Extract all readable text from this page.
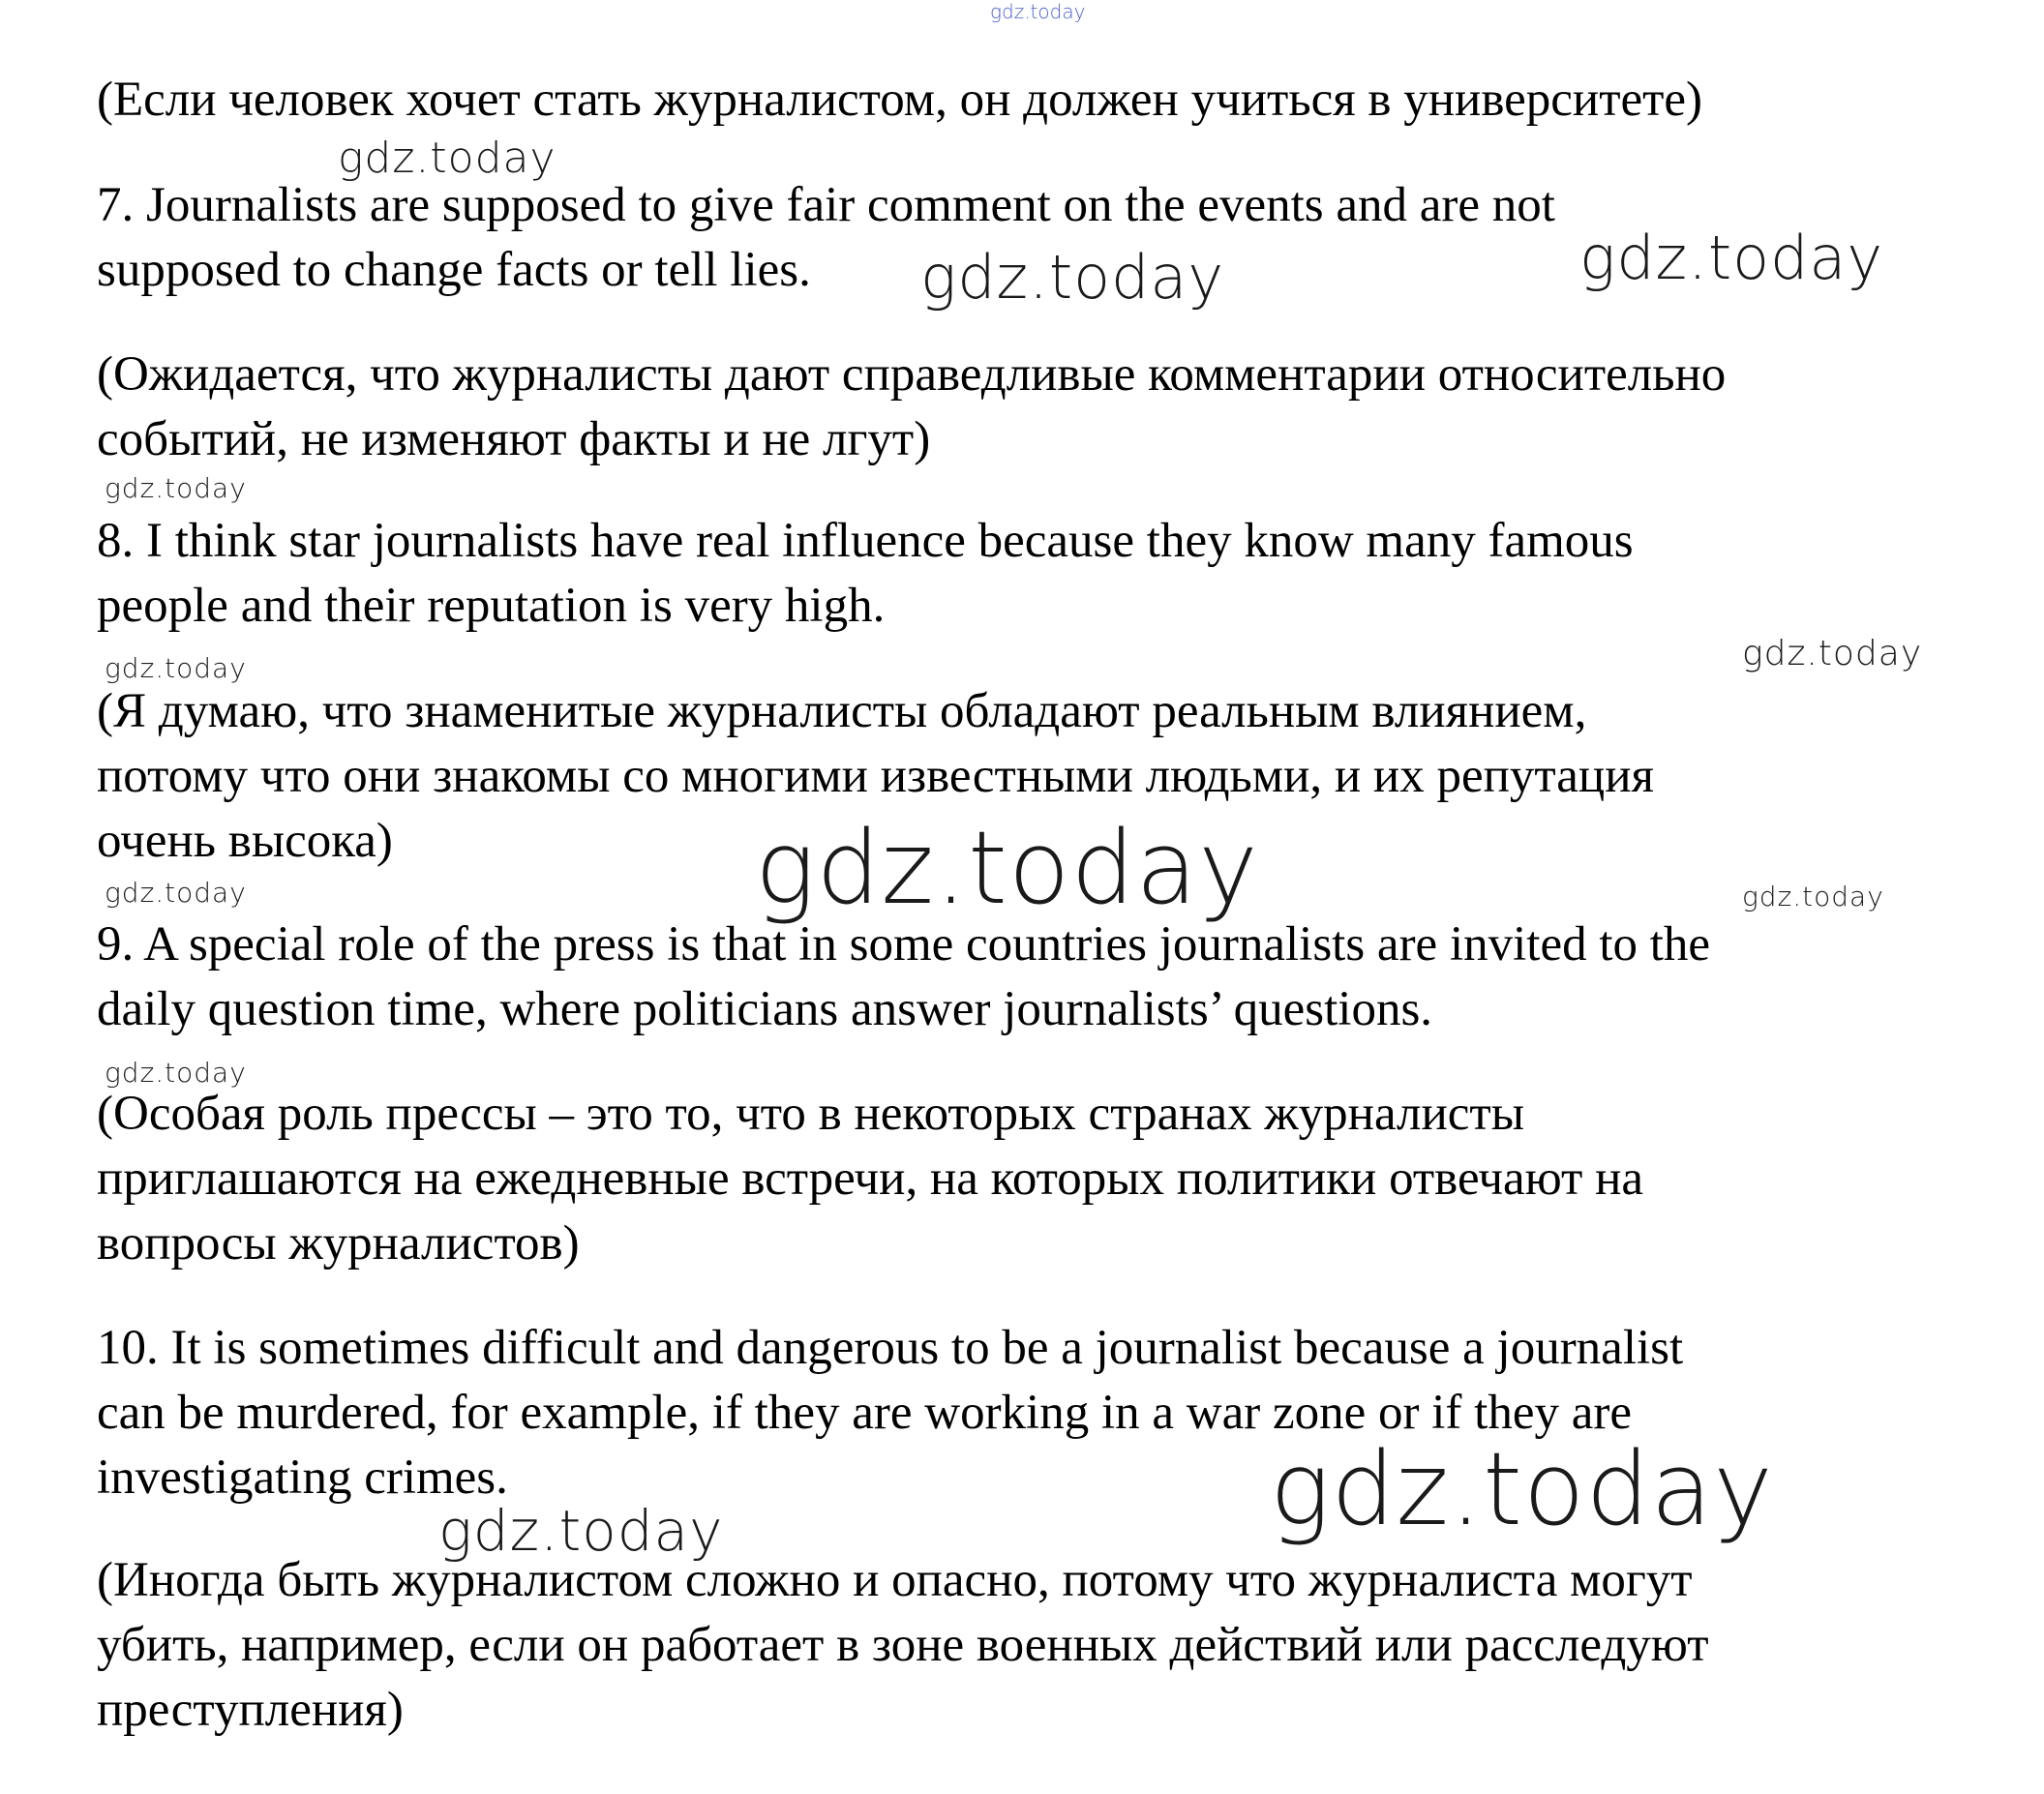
gdz.today
gdz.today
gdz.today	gdz.today
gdz.today
gdz.today	gdz.today
gdz.today
gdz.today	gdz.today
gdz.today
gdz.today
gdz.today

(Если человек хочет стать журналистом, он должен учиться в университете)

7. Journalists are supposed to give fair comment on the events and are not
supposed to change facts or tell lies.

(Ожидается, что журналисты дают справедливые комментарии относительно
событий, не изменяют факты и не лгут)

8. I think star journalists have real influence because they know many famous
people and their reputation is very high.

(Я думаю, что знаменитые журналисты обладают реальным влиянием,
потому что они знакомы со многими известными людьми, и их репутация
очень высока)

9. A special role of the press is that in some countries journalists are invited to the
daily question time, where politicians answer journalists’ questions.

(Особая роль прессы – это то, что в некоторых странах журналисты
приглашаются на ежедневные встречи, на которых политики отвечают на
вопросы журналистов)

10. It is sometimes difficult and dangerous to be a journalist because a journalist
can be murdered, for example, if they are working in a war zone or if they are
investigating crimes.

(Иногда быть журналистом сложно и опасно, потому что журналиста могут
убить, например, если он работает в зоне военных действий или расследуют
преступления)
